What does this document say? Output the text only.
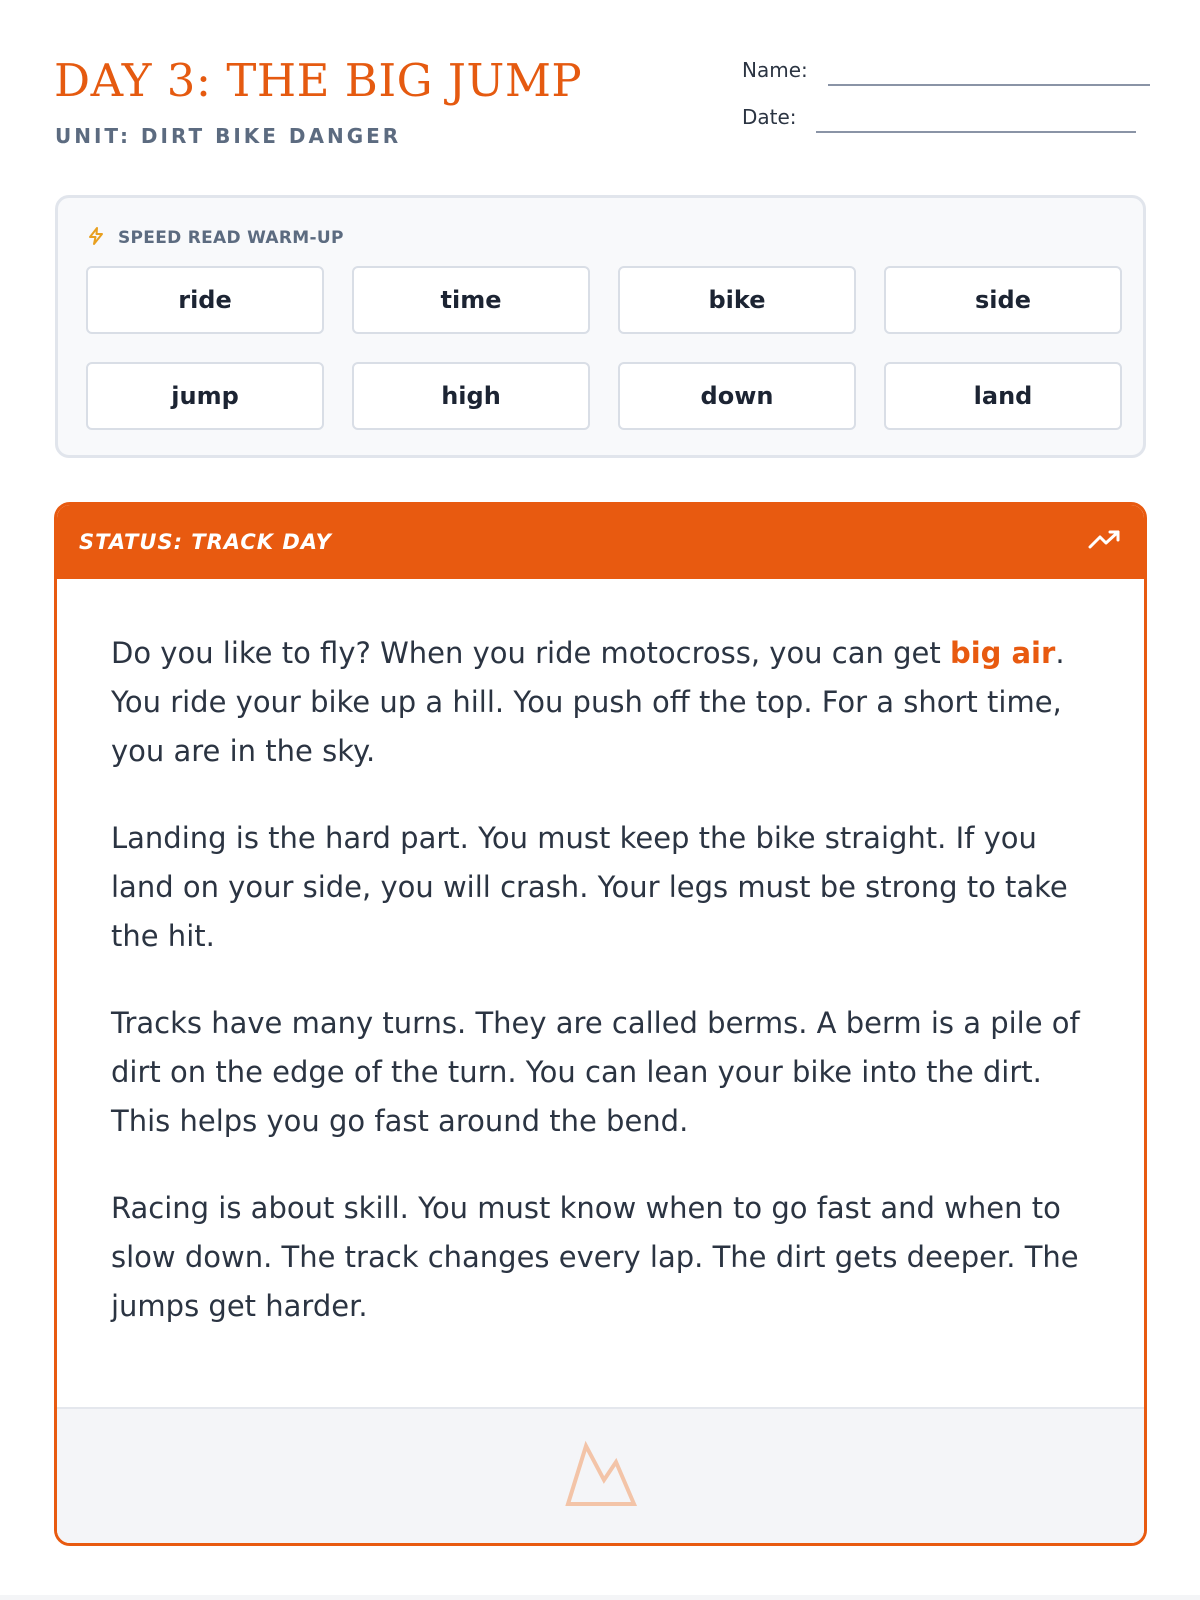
DAY 3: THE BIG JUMP
UNIT: DIRT BIKE DANGER
Name:
Date:
SPEED READ WARM-UP
ride	time	bike	side
jump	high	down	land
STATUS: TRACK DAY

Do you like to fly? When you ride motocross, you can get big air. You ride your bike up a hill. You push off the top. For a short time, you are in the sky.

Landing is the hard part. You must keep the bike straight. If you land on your side, you will crash. Your legs must be strong to take the hit.

Tracks have many turns. They are called berms. A berm is a pile of dirt on the edge of the turn. You can lean your bike into the dirt. This helps you go fast around the bend.

Racing is about skill. You must know when to go fast and when to slow down. The track changes every lap. The dirt gets deeper. The jumps get harder.
